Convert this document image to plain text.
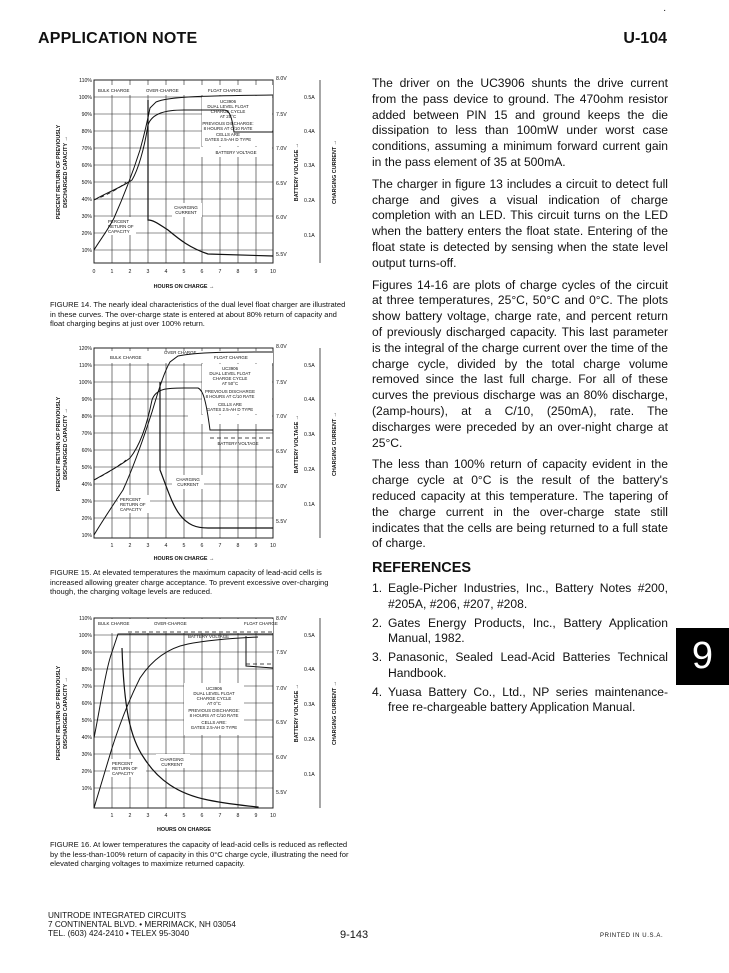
·
APPLICATION NOTE	U-104
110%
100%
90%
80%
70%
60%
50%
40%
30%
20%
10%
8.0V
7.5V
7.0V
6.5V
6.0V
5.5V
0.5A
0.4A
0.3A
0.2A
0.1A
0	1	2	3	4	5	6	7	8	9 10
BULK CHARGE	OVER-CHARGE	FLOAT CHARGE
UC3906
DUAL LEVEL FLOAT
CHARGE CYCLE
AT 25°C
PREVIOUS DISCHARGE:
8 HOURS AT C/10 RATE
CELLS ARE
GATES 2.5-AH D TYPE
BATTERY VOLTAGE
CHARGING
CURRENT
PERCENT
RETURN OF
CAPACITY
HOURS ON CHARGE →
PERCENT RETURN OF PREVIOUSLY DISCHARGED CAPACITY →	BATTERY VOLTAGE →	CHARGING CURRENT →
FIGURE 14. The nearly ideal characteristics of the dual level float charger are illustrated in these curves. The over-charge state is entered at about 80% return of capacity and float charging begins at just over 100% return.
120%
110%
100%
90%
80%
70%
60%
50%
40%
30%
20%
10%
8.0V
7.5V
7.0V
6.5V
6.0V
5.5V
0.5A
0.4A
0.3A
0.2A
0.1A
1	2	3	4	5	6	7	8	9 10
BULK CHARGE
OVER CHARGE
FLOAT CHARGE
UC3906
DUAL LEVEL FLOAT
CHARGE CYCLE
AT 50°C
PREVIOUS DISCHARGE
8 HOURS AT C/10 RATE
CELLS ARE
GATES 2.5-AH D TYPE
BATTERY VOLTAGE
CHARGING
CURRENT
PERCENT
RETURN OF
CAPACITY
HOURS ON CHARGE →
PERCENT RETURN OF PREVIOUSLY DISCHARGED CAPACITY →	BATTERY VOLTAGE →	CHARGING CURRENT →
FIGURE 15. At elevated temperatures the maximum capacity of lead-acid cells is increased allowing greater charge acceptance. To prevent excessive over-charging though, the charging voltage levels are reduced.
110%
100%
90%
80%
70%
60%
50%
40%
30%
20%
10%
8.0V
7.5V
7.0V
6.5V
6.0V
5.5V
0.5A
0.4A
0.3A
0.2A
0.1A
1	2	3	4	5	6	7	8	9 10
BULK CHARGE	OVER-CHARGE	FLOAT CHARGE
BATTERY VOLTAGE
UC3906
DUAL LEVEL FLOAT
CHARGE CYCLE
AT 0°C
PREVIOUS DISCHARGE:
8 HOURS AT C/10 RATE
CELLS ARE:
GATES 2.5-AH D TYPE
CHARGING
CURRENT
PERCENT
RETURN OF
CAPACITY
HOURS ON CHARGE
PERCENT RETURN OF PREVIOUSLY DISCHARGED CAPACITY →	BATTERY VOLTAGE →	CHARGING CURRENT →
FIGURE 16. At lower temperatures the capacity of lead-acid cells is reduced as reflected by the less-than-100% return of capacity in this 0°C charge cycle, illustrating the need for elevated charging voltages to maximize returned capacity.

The driver on the UC3906 shunts the drive current from the pass device to ground. The 470ohm resistor added between PIN 15 and ground keeps the die dissipation to less than 100mW under worst case conditions, assuming a minimum forward current gain in the pass element of 35 at 500mA.

The charger in figure 13 includes a circuit to detect full charge and gives a visual indication of charge completion with an LED. This circuit turns on the LED when the battery enters the float state. Entering of the float state is detected by sensing when the state level output turns-off.

Figures 14-16 are plots of charge cycles of the circuit at three temperatures, 25°C, 50°C and 0°C. The plots show battery voltage, charge rate, and percent return of previously discharged capacity. This last parameter is the integral of the charge current over the time of the charge cycle, divided by the total charge volume removed since the last full charge. For all of these curves the previous discharge was an 80% discharge, (2amp-hours), at a C/10, (250mA), rate. The discharges were preceded by an over-night charge at 25°C.

The less than 100% return of capacity evident in the charge cycle at 0°C is the result of the battery's reduced capacity at this temperature. The tapering of the charge current in the over-charge state still indicates that the cells are being returned to a full state of charge.

REFERENCES
1. Eagle-Picher Industries, Inc., Battery Notes #200, #205A, #206, #207, #208.
2. Gates Energy Products, Inc., Battery Application Manual, 1982.
3. Panasonic, Sealed Lead-Acid Batteries Technical Handbook.
4. Yuasa Battery Co., Ltd., NP series maintenance-free re-chargeable battery Application Manual.
9
UNITRODE INTEGRATED CIRCUITS
7 CONTINENTAL BLVD. • MERRIMACK, NH 03054
TEL. (603) 424-2410 • TELEX 95-3040	9-143	PRINTED IN U.S.A.
